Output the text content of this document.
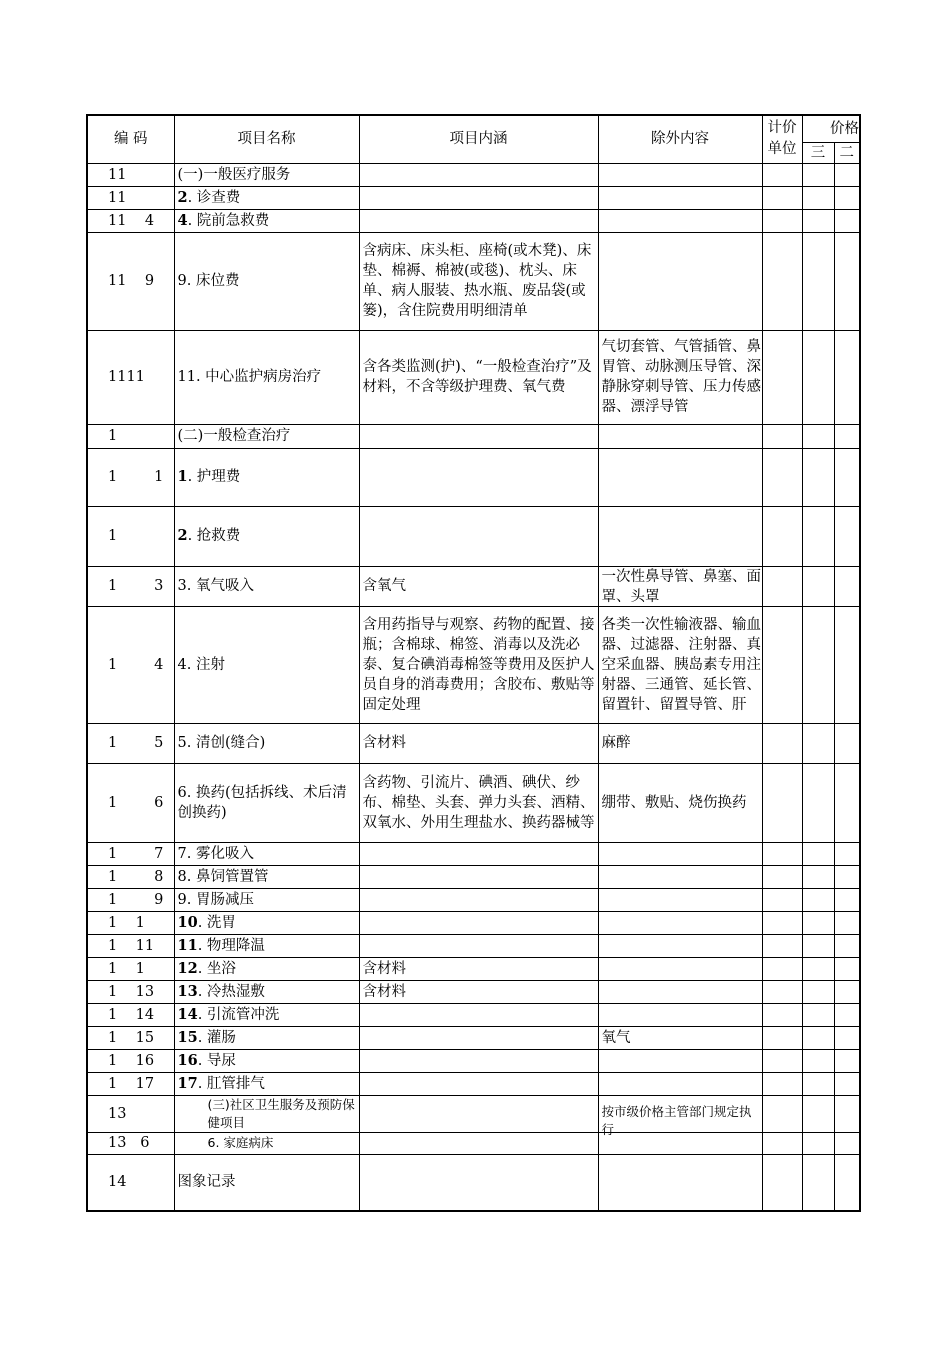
编 码	项目名称	项目内涵	除外内容	计价
单位	价格	
					三	二
11	(一)一般医疗服务	

11	2. 诊查费	

11    4	4. 院前急救费	

11    9	9. 床位费	含病床、床头柜、座椅(或木凳)、床垫、棉褥、棉被(或毯)、枕头、床单、病人服装、热水瓶、废品袋(或篓)，含住院费用明细清单				

1111	11. 中心监护病房治疗	含各类监测(护)、“一般检查治疗”及材料，不含等级护理费、氧气费	气切套管、气管插管、鼻胃管、动脉测压导管、深静脉穿刺导管、压力传感器、漂浮导管			

1	(二)一般检查治疗	

1        1	1. 护理费	

1	2. 抢救费	

1        3	3. 氧气吸入	含氧气	一次性鼻导管、鼻塞、面罩、头罩			

1        4	4. 注射	含用药指导与观察、药物的配置、接瓶；含棉球、棉签、消毒以及洗必泰、复合碘消毒棉签等费用及医护人员自身的消毒费用；含胶布、敷贴等固定处理	各类一次性输液器、输血器、过滤器、注射器、真空采血器、胰岛素专用注射器、三通管、延长管、留置针、留置导管、肝			

1        5	5. 清创(缝合)	含材料	麻醉			

1        6	6. 换药(包括拆线、术后清创换药)	含药物、引流片、碘酒、碘伏、纱布、棉垫、头套、弹力头套、酒精、双氧水、外用生理盐水、换药器械等	绷带、敷贴、烧伤换药			

1        7	7. 雾化吸入	

1        8	8. 鼻饲管置管	

1        9	9. 胃肠减压	

1    1	10. 洗胃	

1    11	11. 物理降温	

1    1	12. 坐浴	含材料				

1    13	13. 冷热湿敷	含材料				

1    14	14. 引流管冲洗	

1    15	15. 灌肠		氧气			

1    16	16. 导尿	

1    17	17. 肛管排气	

13	(三)社区卫生服务及预防保健项目		按市级价格主管部门规定执行			

13   6	6. 家庭病床	

14	图象记录	
